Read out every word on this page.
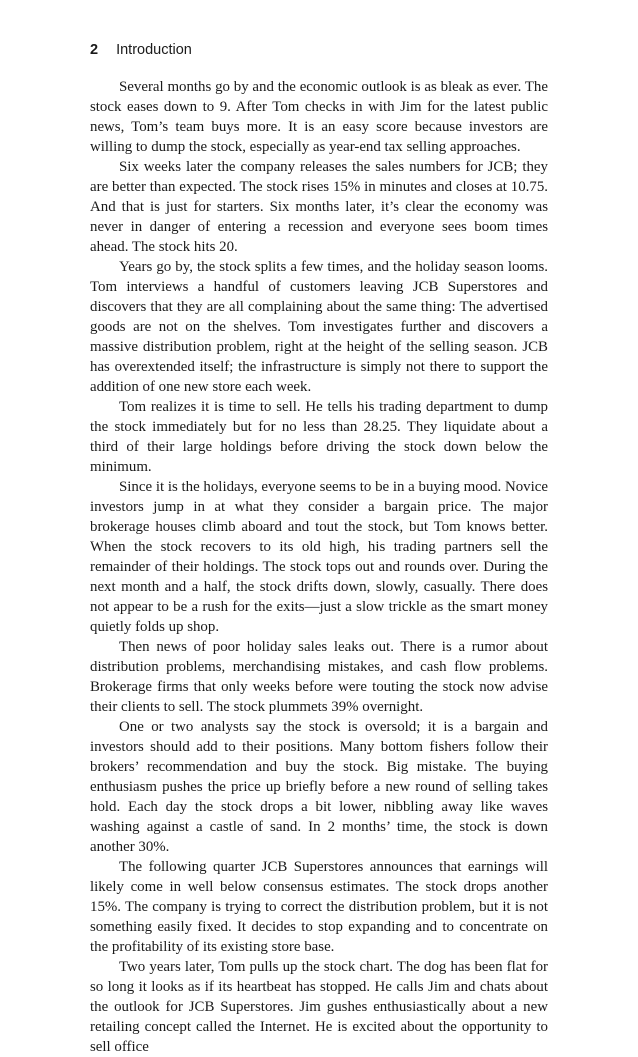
2 Introduction

Several months go by and the economic outlook is as bleak as ever. The stock eases down to 9. After Tom checks in with Jim for the latest public news, Tom’s team buys more. It is an easy score because investors are willing to dump the stock, especially as year-end tax selling approaches.

Six weeks later the company releases the sales numbers for JCB; they are better than expected. The stock rises 15% in minutes and closes at 10.75. And that is just for starters. Six months later, it’s clear the economy was never in danger of entering a recession and everyone sees boom times ahead. The stock hits 20.

Years go by, the stock splits a few times, and the holiday season looms. Tom interviews a handful of customers leaving JCB Superstores and discovers that they are all complaining about the same thing: The advertised goods are not on the shelves. Tom investigates further and discovers a massive distribution problem, right at the height of the selling season. JCB has overextended itself; the infrastructure is simply not there to support the addition of one new store each week.

Tom realizes it is time to sell. He tells his trading department to dump the stock immediately but for no less than 28.25. They liquidate about a third of their large holdings before driving the stock down below the minimum.

Since it is the holidays, everyone seems to be in a buying mood. Novice investors jump in at what they consider a bargain price. The major brokerage houses climb aboard and tout the stock, but Tom knows better. When the stock recovers to its old high, his trading partners sell the remainder of their holdings. The stock tops out and rounds over. During the next month and a half, the stock drifts down, slowly, casually. There does not appear to be a rush for the exits—just a slow trickle as the smart money quietly folds up shop.

Then news of poor holiday sales leaks out. There is a rumor about distribution problems, merchandising mistakes, and cash flow problems. Brokerage firms that only weeks before were touting the stock now advise their clients to sell. The stock plummets 39% overnight.

One or two analysts say the stock is oversold; it is a bargain and investors should add to their positions. Many bottom fishers follow their brokers’ recommendation and buy the stock. Big mistake. The buying enthusiasm pushes the price up briefly before a new round of selling takes hold. Each day the stock drops a bit lower, nibbling away like waves washing against a castle of sand. In 2 months’ time, the stock is down another 30%.

The following quarter JCB Superstores announces that earnings will likely come in well below consensus estimates. The stock drops another 15%. The company is trying to correct the distribution problem, but it is not something easily fixed. It decides to stop expanding and to concentrate on the profitability of its existing store base.

Two years later, Tom pulls up the stock chart. The dog has been flat for so long it looks as if its heartbeat has stopped. He calls Jim and chats about the outlook for JCB Superstores. Jim gushes enthusiastically about a new retailing concept called the Internet. He is excited about the opportunity to sell office
